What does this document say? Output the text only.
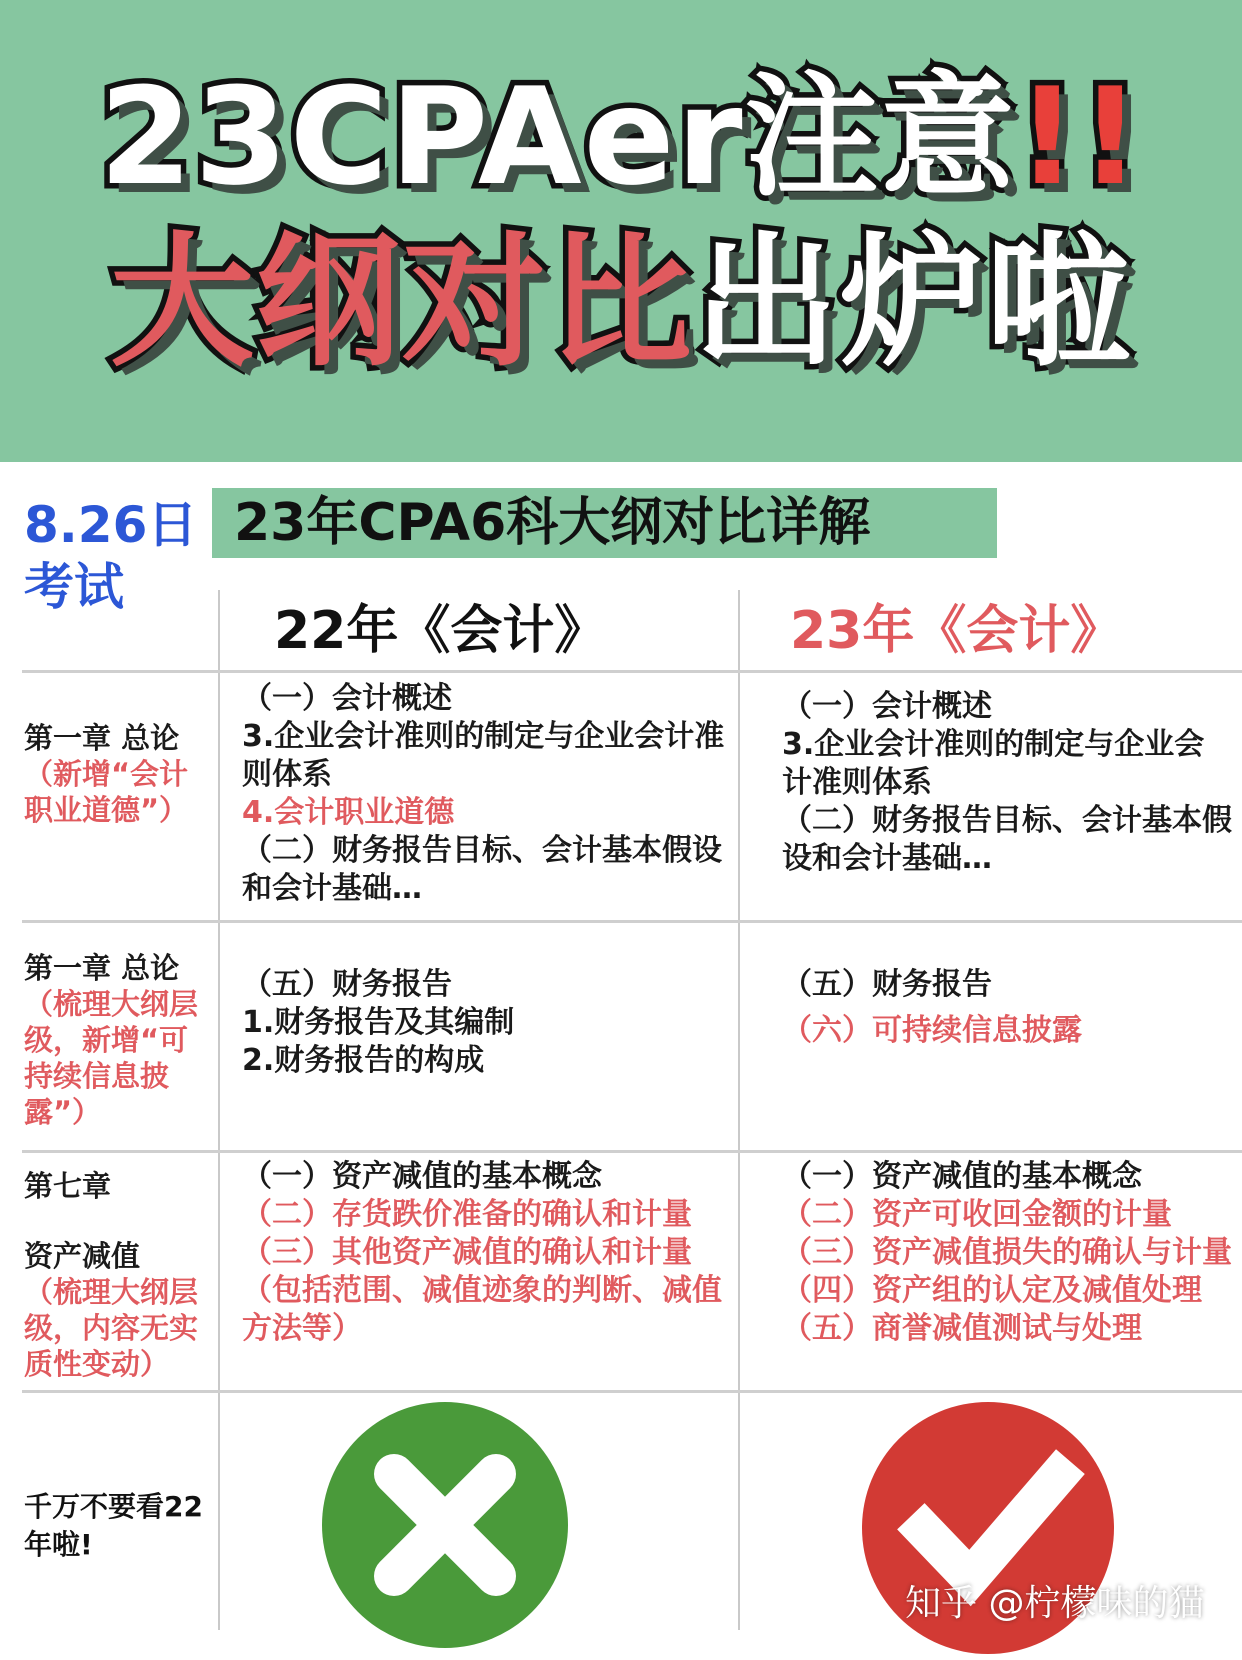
23CPAer注意!!
大纲对比出炉啦
8.26日考试
23年CPA6科大纲对比详解
22年《会计》	23年《会计》
第一章 总论
（新增“会计职业道德”）
（一）会计概述
3.企业会计准则的制定与企业会计准则体系
4.会计职业道德
（二）财务报告目标、会计基本假设和会计基础…
（一）会计概述
3.企业会计准则的制定与企业会计准则体系
（二）财务报告目标、会计基本假设和会计基础…
第一章 总论
（梳理大纲层级，新增“可持续信息披露”）
（五）财务报告
1.财务报告及其编制
2.财务报告的构成
（五）财务报告
（六）可持续信息披露
第七章
资产减值
（梳理大纲层级，内容无实质性变动）
（一）资产减值的基本概念
（二）存货跌价准备的确认和计量
（三）其他资产减值的确认和计量（包括范围、减值迹象的判断、减值方法等）
（一）资产减值的基本概念
（二）资产可收回金额的计量
（三）资产减值损失的确认与计量
（四）资产组的认定及减值处理
（五）商誉减值测试与处理
千万不要看22年啦!
知乎 @柠檬味的猫
